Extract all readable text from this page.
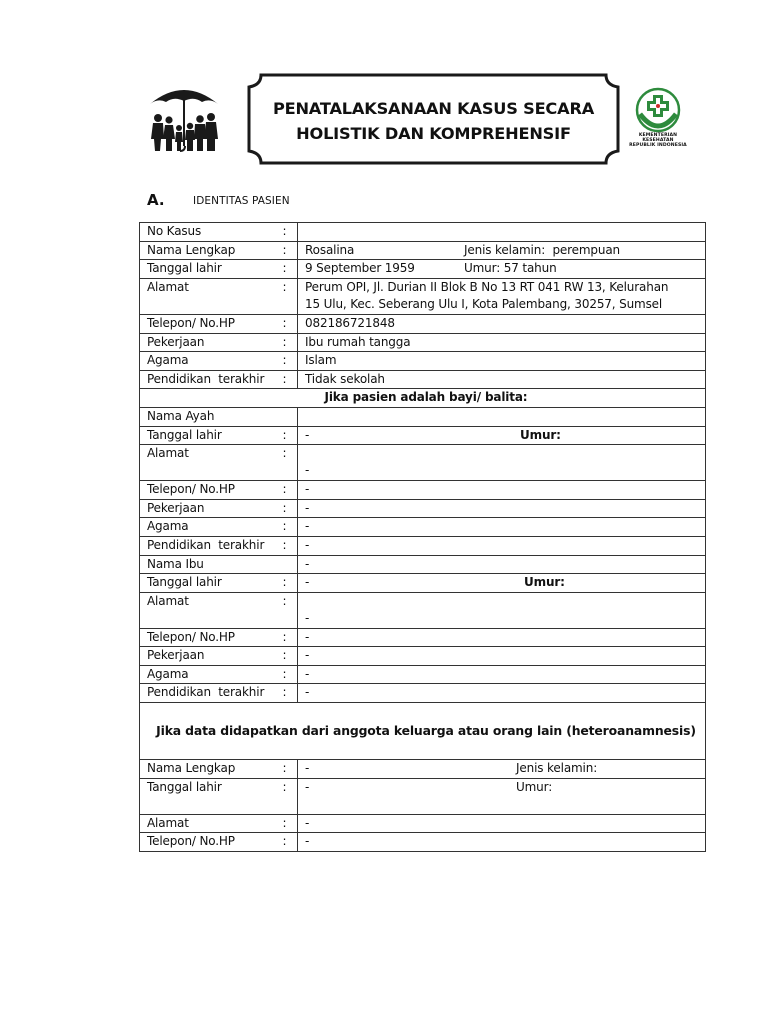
PENATALAKSANAAN KASUS SECARA
HOLISTIK DAN KOMPREHENSIF	KEMENTERIAN KESEHATAN
REPUBLIK INDONESIA
A.	IDENTITAS PASIEN
No Kasus	:	
Nama Lengkap	:	Rosalina Jenis kelamin: perempuan

Tanggal lahir	:	9 September 1959 Umur: 57 tahun

Alamat	:	Perum OPI, Jl. Durian II Blok B No 13 RT 041 RW 13, Kelurahan
15 Ulu, Kec. Seberang Ulu I, Kota Palembang, 30257, Sumsel

Telepon/ No.HP	:	082186721848
Pekerjaan	:	Ibu rumah tangga
Agama	:	Islam
Pendidikan  terakhir	:	Tidak sekolah
Jika pasien adalah bayi/ balita:		
Nama Ayah		
Tanggal lahir	:	- Umur:

Alamat	:	-

Telepon/ No.HP	:	-
Pekerjaan	:	-
Agama	:	-
Pendidikan  terakhir	:	-
Nama Ibu		-
Tanggal lahir	:	- Umur:

Alamat	:	-

Telepon/ No.HP	:	-
Pekerjaan	:	-
Agama	:	-
Pendidikan  terakhir	:	-
Jika data didapatkan dari anggota keluarga atau orang lain (heteroanamnesis)		
Nama Lengkap	:	- Jenis kelamin:

Tanggal lahir	:	- Umur:

Alamat	:	-
Telepon/ No.HP	:	-
